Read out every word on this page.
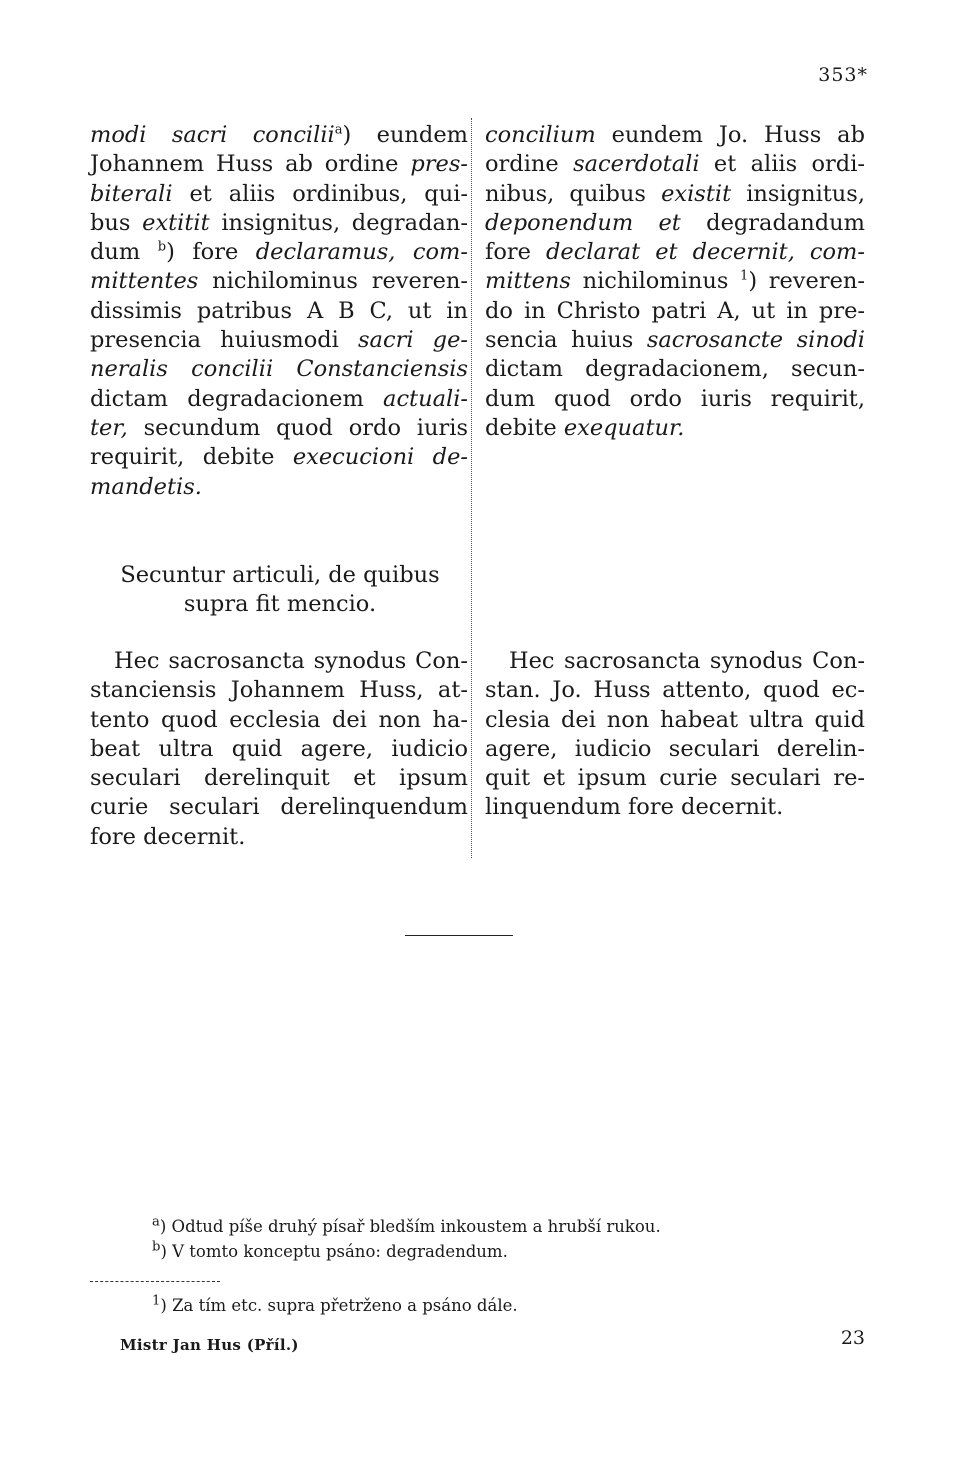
353*
modi sacri concilii$^a$) eundem
Johannem Huss ab ordine pres-
biterali et aliis ordinibus, qui-
bus extitit insignitus, degradan-
dum $^b$) fore declaramus, com-
mittentes nichilominus reveren-
dissimis patribus A B C, ut in
presencia huiusmodi sacri ge-
neralis concilii Constanciensis
dictam degradacionem actuali-
ter, secundum quod ordo iuris
requirit, debite execucioni de-
mandetis.
concilium eundem Jo. Huss ab
ordine sacerdotali et aliis ordi-
nibus, quibus existit insignitus,
deponendum et degradandum
fore declarat et decernit, com-
mittens nichilominus $^1$) reveren-
do in Christo patri A, ut in pre-
sencia huius sacrosancte sinodi
dictam degradacionem, secun-
dum quod ordo iuris requirit,
debite exequatur.
Secuntur articuli, de quibus
supra fit mencio.
Hec sacrosancta synodus Con-
stanciensis Johannem Huss, at-
tento quod ecclesia dei non ha-
beat ultra quid agere, iudicio
seculari derelinquit et ipsum
curie seculari derelinquendum
fore decernit.
Hec sacrosancta synodus Con-
stan. Jo. Huss attento, quod ec-
clesia dei non habeat ultra quid
agere, iudicio seculari derelin-
quit et ipsum curie seculari re-
linquendum fore decernit.
$^a$) Odtud píše druhý písař bledším inkoustem a hrubší rukou.
$^b$) V tomto konceptu psáno: degradendum.
$^1$) Za tím etc. supra přetrženo a psáno dále.
Mistr Jan Hus (Příl.)	23
